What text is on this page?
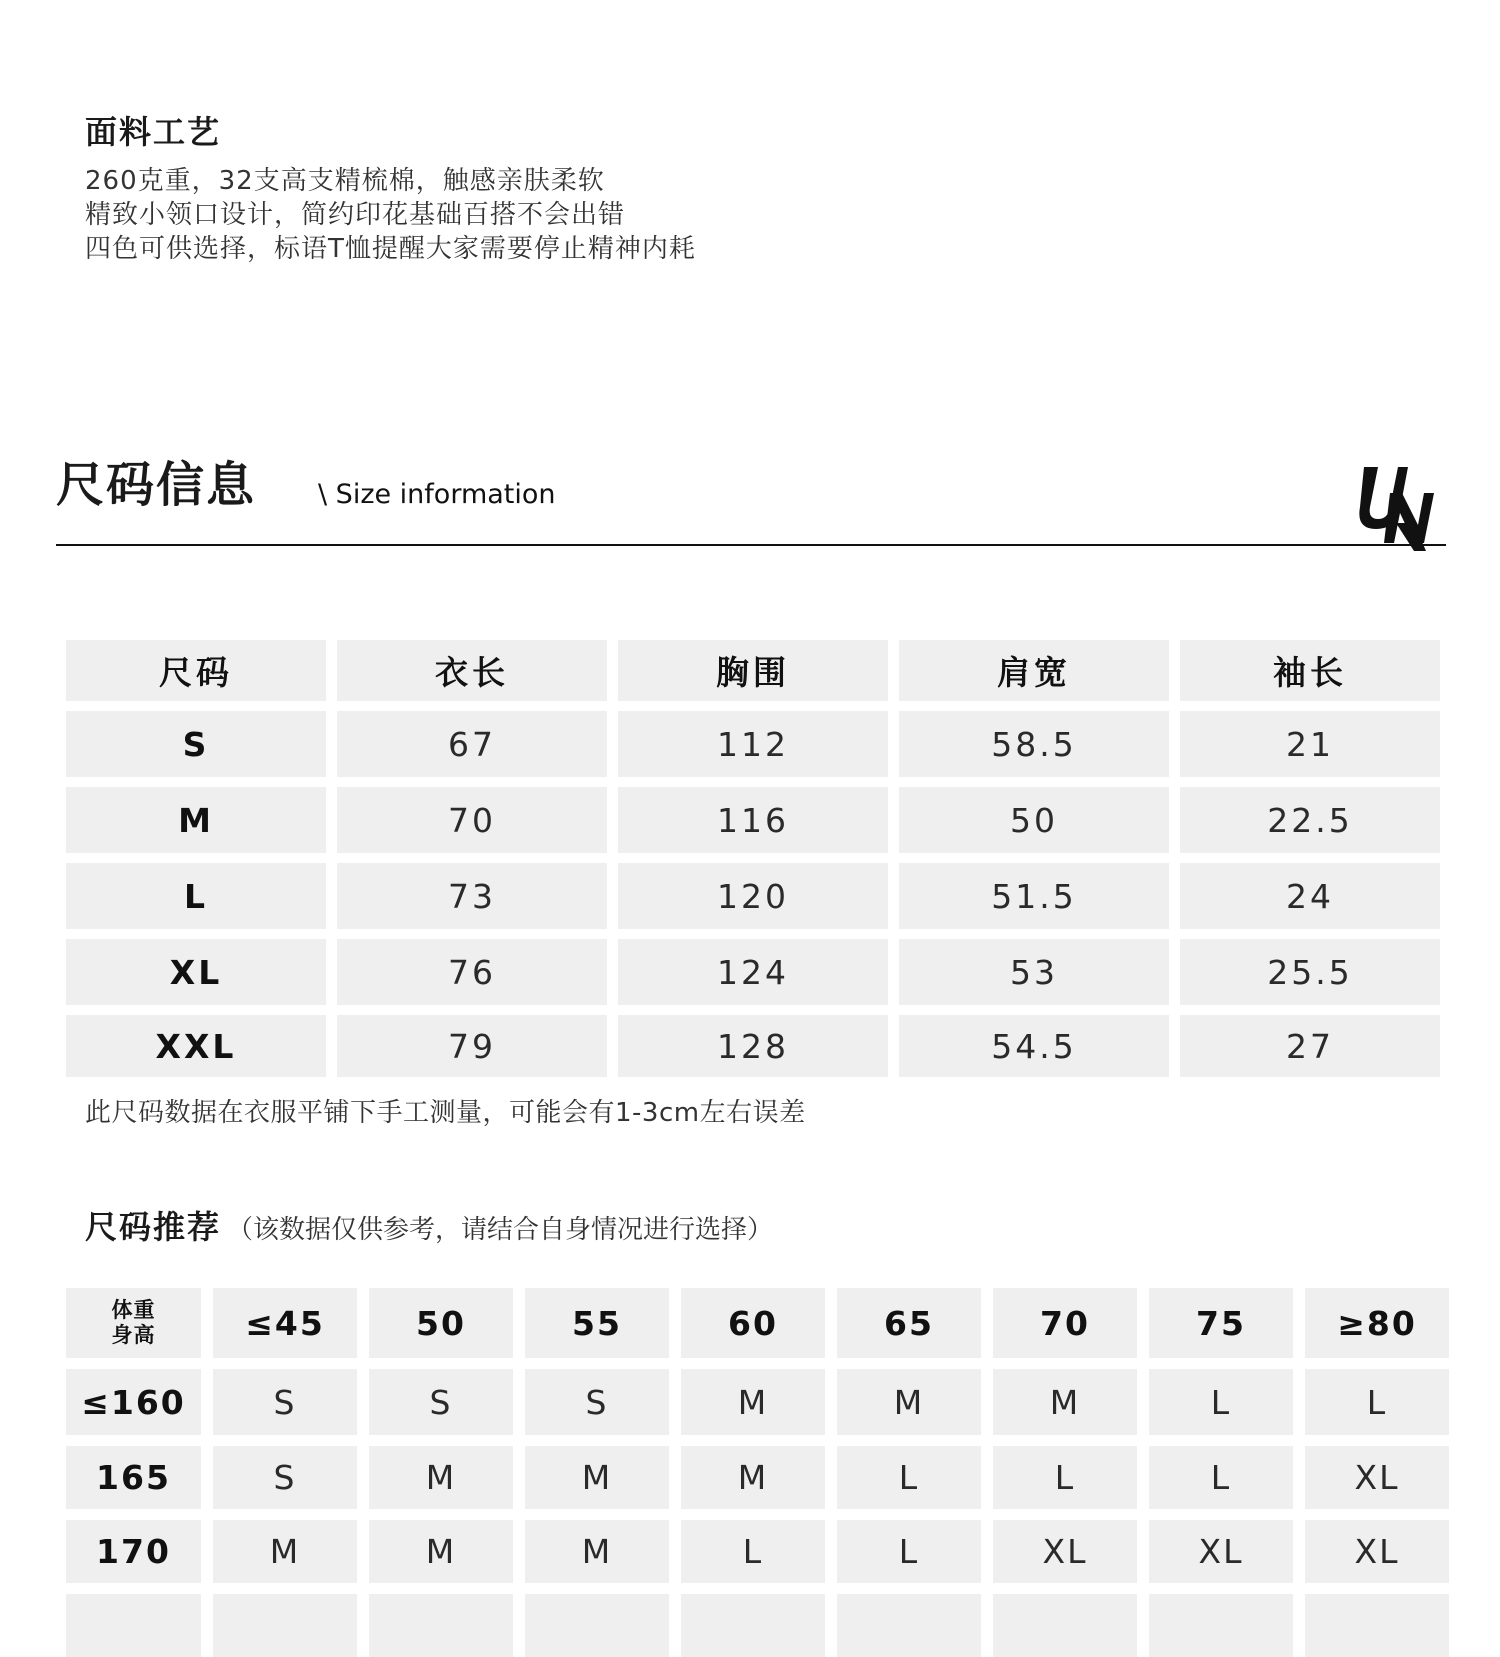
面料工艺
260克重，32支高支精梳棉，触感亲肤柔软
精致小领口设计，简约印花基础百搭不会出错
四色可供选择，标语T恤提醒大家需要停止精神内耗
尺码信息 \ Size information
UNK
尺码	衣长	胸围	肩宽	袖长
S	67	112	58.5	21
M	70	116	50	22.5
L	73	120	51.5	24
XL	76	124	53	25.5
XXL	79	128	54.5	27
此尺码数据在衣服平铺下手工测量，可能会有1-3cm左右误差
尺码推荐 （该数据仅供参考，请结合自身情况进行选择）
体重
身高	≤45	50	55	60	65	70	75	≥80
≤160	S	S	S	M	M	M	L	L
165	S	M	M	M	L	L	L	XL
170	M	M	M	L	L	XL	XL	XL
